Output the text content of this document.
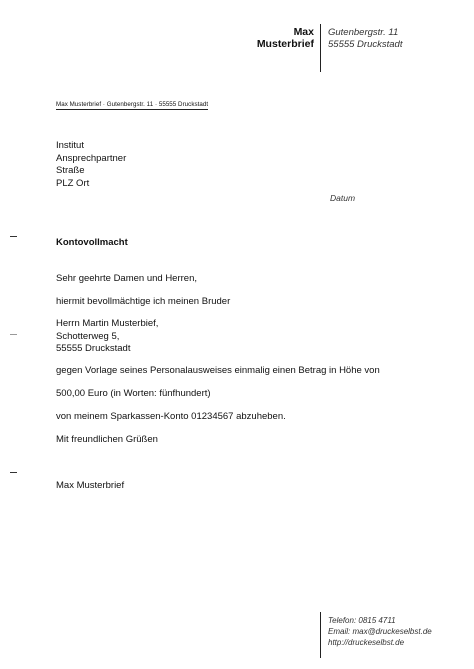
Max
Musterbrief
Gutenbergstr. 11
55555 Druckstadt
Max Musterbrief · Gutenbergstr. 11 · 55555 Druckstadt
Institut
Ansprechpartner
Straße
PLZ Ort
Datum
Kontovollmacht
Sehr geehrte Damen und Herren,
hiermit bevollmächtige ich meinen Bruder
Herrn Martin Musterbief,
Schotterweg 5,
55555 Druckstadt
gegen Vorlage seines Personalausweises einmalig einen Betrag in Höhe von
500,00 Euro (in Worten: fünfhundert)
von meinem Sparkassen-Konto 01234567 abzuheben.
Mit freundlichen Grüßen
Max Musterbrief
Telefon: 0815 4711
Email: max@druckeselbst.de
http://druckeselbst.de
